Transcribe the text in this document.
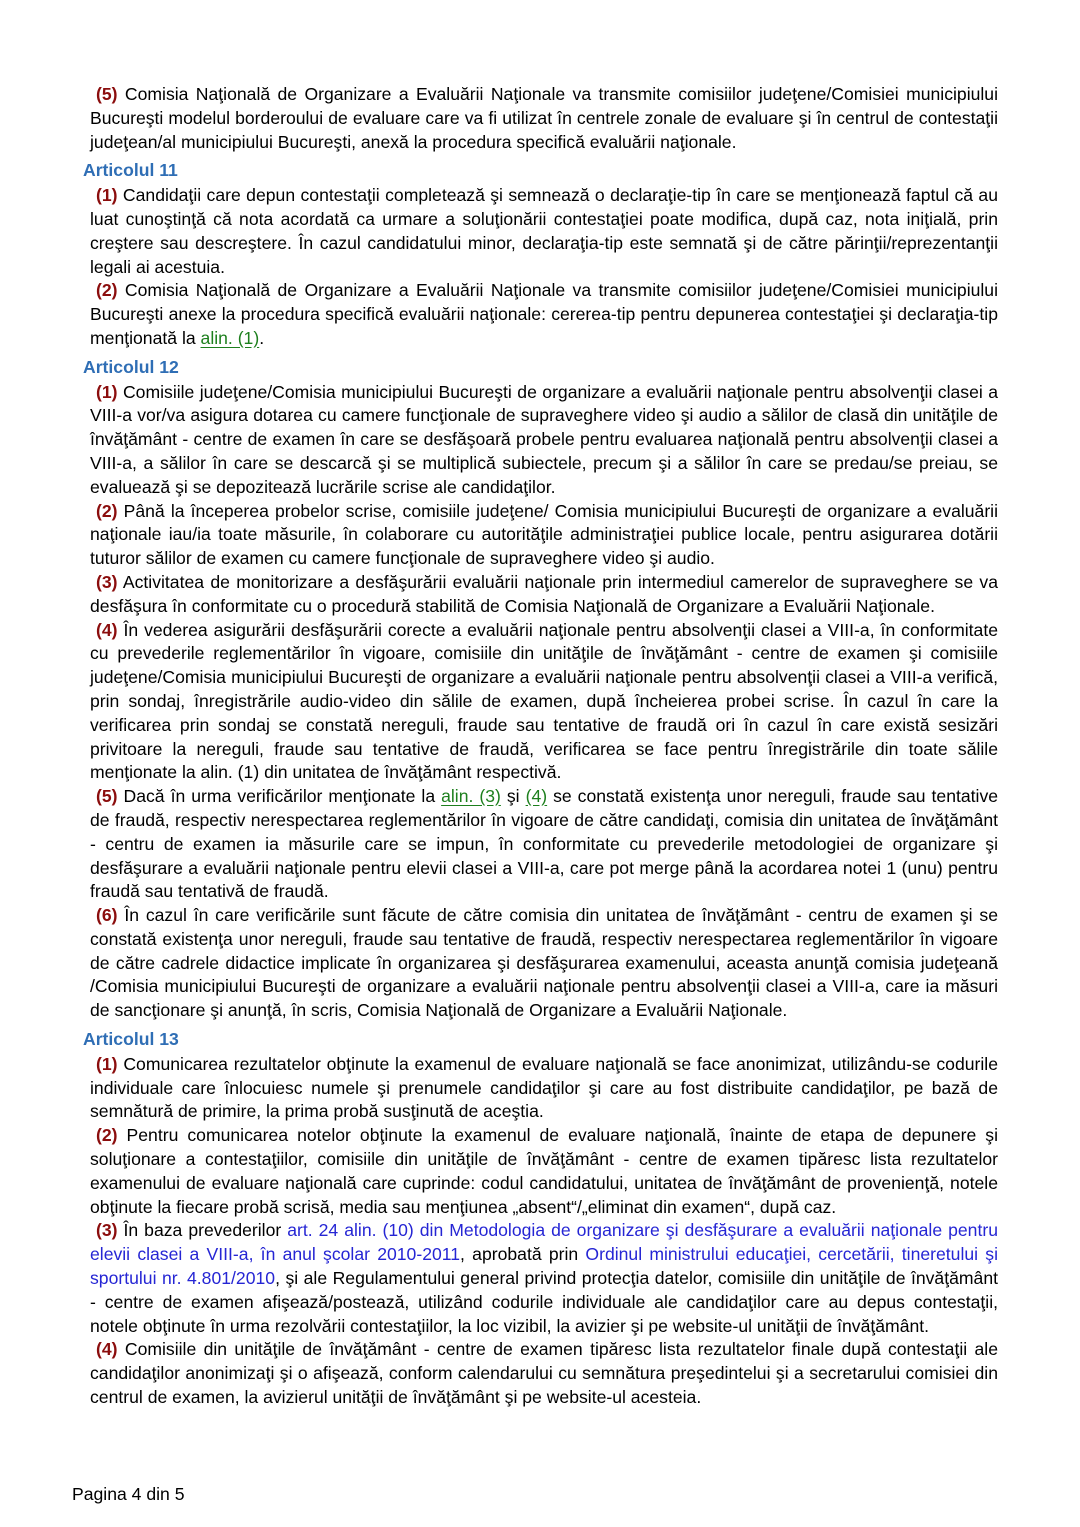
(5) Comisia Naţională de Organizare a Evaluării Naţionale va transmite comisiilor judeţene/Comisiei municipiului Bucureşti modelul borderoului de evaluare care va fi utilizat în centrele zonale de evaluare şi în centrul de contestaţii judeţean/al municipiului Bucureşti, anexă la procedura specifică evaluării naţionale.

Articolul 11

(1) Candidaţii care depun contestaţii completează şi semnează o declaraţie-tip în care se menţionează faptul că au luat cunoştinţă că nota acordată ca urmare a soluţionării contestaţiei poate modifica, după caz, nota iniţială, prin creştere sau descreştere. În cazul candidatului minor, declaraţia-tip este semnată şi de către părinţii/reprezentanţii legali ai acestuia.

(2) Comisia Naţională de Organizare a Evaluării Naţionale va transmite comisiilor judeţene/Comisiei municipiului Bucureşti anexe la procedura specifică evaluării naţionale: cererea-tip pentru depunerea contestaţiei şi declaraţia-tip menţionată la alin. (1).

Articolul 12

(1) Comisiile judeţene/Comisia municipiului Bucureşti de organizare a evaluării naţionale pentru absolvenţii clasei a VIII-a vor/va asigura dotarea cu camere funcţionale de supraveghere video şi audio a sălilor de clasă din unităţile de învăţământ - centre de examen în care se desfăşoară probele pentru evaluarea naţională pentru absolvenţii clasei a VIII-a, a sălilor în care se descarcă şi se multiplică subiectele, precum şi a sălilor în care se predau/se preiau, se evaluează şi se depozitează lucrările scrise ale candidaţilor.

(2) Până la începerea probelor scrise, comisiile judeţene/ Comisia municipiului Bucureşti de organizare a evaluării naţionale iau/ia toate măsurile, în colaborare cu autorităţile administraţiei publice locale, pentru asigurarea dotării tuturor sălilor de examen cu camere funcţionale de supraveghere video şi audio.

(3) Activitatea de monitorizare a desfăşurării evaluării naţionale prin intermediul camerelor de supraveghere se va desfăşura în conformitate cu o procedură stabilită de Comisia Naţională de Organizare a Evaluării Naţionale.

(4) În vederea asigurării desfăşurării corecte a evaluării naţionale pentru absolvenţii clasei a VIII-a, în conformitate cu prevederile reglementărilor în vigoare, comisiile din unităţile de învăţământ - centre de examen şi comisiile judeţene/Comisia municipiului Bucureşti de organizare a evaluării naţionale pentru absolvenţii clasei a VIII-a verifică, prin sondaj, înregistrările audio-video din sălile de examen, după încheierea probei scrise. În cazul în care la verificarea prin sondaj se constată nereguli, fraude sau tentative de fraudă ori în cazul în care există sesizări privitoare la nereguli, fraude sau tentative de fraudă, verificarea se face pentru înregistrările din toate sălile menţionate la alin. (1) din unitatea de învăţământ respectivă.

(5) Dacă în urma verificărilor menţionate la alin. (3) şi (4) se constată existenţa unor nereguli, fraude sau tentative de fraudă, respectiv nerespectarea reglementărilor în vigoare de către candidaţi, comisia din unitatea de învăţământ - centru de examen ia măsurile care se impun, în conformitate cu prevederile metodologiei de organizare şi desfăşurare a evaluării naţionale pentru elevii clasei a VIII-a, care pot merge până la acordarea notei 1 (unu) pentru fraudă sau tentativă de fraudă.

(6) În cazul în care verificările sunt făcute de către comisia din unitatea de învăţământ - centru de examen şi se constată existenţa unor nereguli, fraude sau tentative de fraudă, respectiv nerespectarea reglementărilor în vigoare de către cadrele didactice implicate în organizarea şi desfăşurarea examenului, aceasta anunţă comisia judeţeană /Comisia municipiului Bucureşti de organizare a evaluării naţionale pentru absolvenţii clasei a VIII-a, care ia măsuri de sancţionare şi anunţă, în scris, Comisia Naţională de Organizare a Evaluării Naţionale.

Articolul 13

(1) Comunicarea rezultatelor obţinute la examenul de evaluare naţională se face anonimizat, utilizându-se codurile individuale care înlocuiesc numele şi prenumele candidaţilor şi care au fost distribuite candidaţilor, pe bază de semnătură de primire, la prima probă susţinută de aceştia.

(2) Pentru comunicarea notelor obţinute la examenul de evaluare naţională, înainte de etapa de depunere şi soluţionare a contestaţiilor, comisiile din unităţile de învăţământ - centre de examen tipăresc lista rezultatelor examenului de evaluare naţională care cuprinde: codul candidatului, unitatea de învăţământ de provenienţă, notele obţinute la fiecare probă scrisă, media sau menţiunea „absent“/„eliminat din examen“, după caz.

(3) În baza prevederilor art. 24 alin. (10) din Metodologia de organizare şi desfăşurare a evaluării naţionale pentru elevii clasei a VIII-a, în anul şcolar 2010-2011, aprobată prin Ordinul ministrului educaţiei, cercetării, tineretului şi sportului nr. 4.801/2010, şi ale Regulamentului general privind protecţia datelor, comisiile din unităţile de învăţământ - centre de examen afişează/postează, utilizând codurile individuale ale candidaţilor care au depus contestaţii, notele obţinute în urma rezolvării contestaţiilor, la loc vizibil, la avizier şi pe website-ul unităţii de învăţământ.

(4) Comisiile din unităţile de învăţământ - centre de examen tipăresc lista rezultatelor finale după contestaţii ale candidaţilor anonimizaţi şi o afişează, conform calendarului cu semnătura preşedintelui şi a secretarului comisiei din centrul de examen, la avizierul unităţii de învăţământ şi pe website-ul acesteia.

Pagina 4 din 5
